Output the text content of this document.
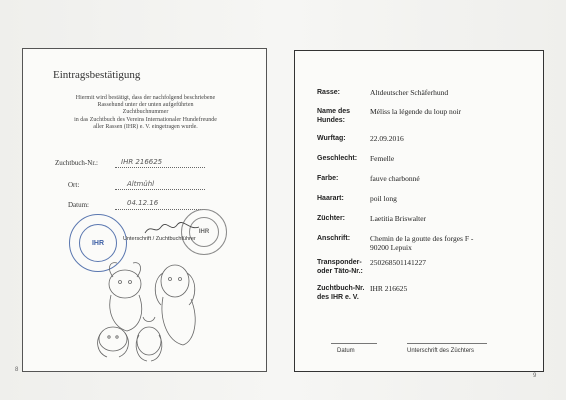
Eintragsbestätigung
Hiermit wird bestätigt, dass der nachfolgend beschriebene
Rassehund unter der unten aufgeführten
Zuchtbuchnummer
in das Zuchtbuch des Vereins Internationaler Hundefreunde
aller Rassen (IHR) e. V. eingetragen wurde.
Zuchtbuch-Nr.:	IHR 216625
Ort:	Altmühl
Datum:	04.12.16
IHR
IHR
Unterschrift / Zuchtbuchführer
8
Rasse:	Altdeutscher Schäferhund
Name des Hundes:
Méliss la légende du loup noir
Wurftag:	22.09.2016
Geschlecht: Femelle
Farbe:	fauve charbonné
Haarart:	poil long
Züchter:	Laetitia Briswalter
Anschrift:	Chemin de la goutte des forges F - 90200 Lepuix
Transponder- oder Täto-Nr.:
250268501141227
Zuchtbuch-Nr. des IHR e. V.
IHR 216625
Datum	Unterschrift des Züchters
9
